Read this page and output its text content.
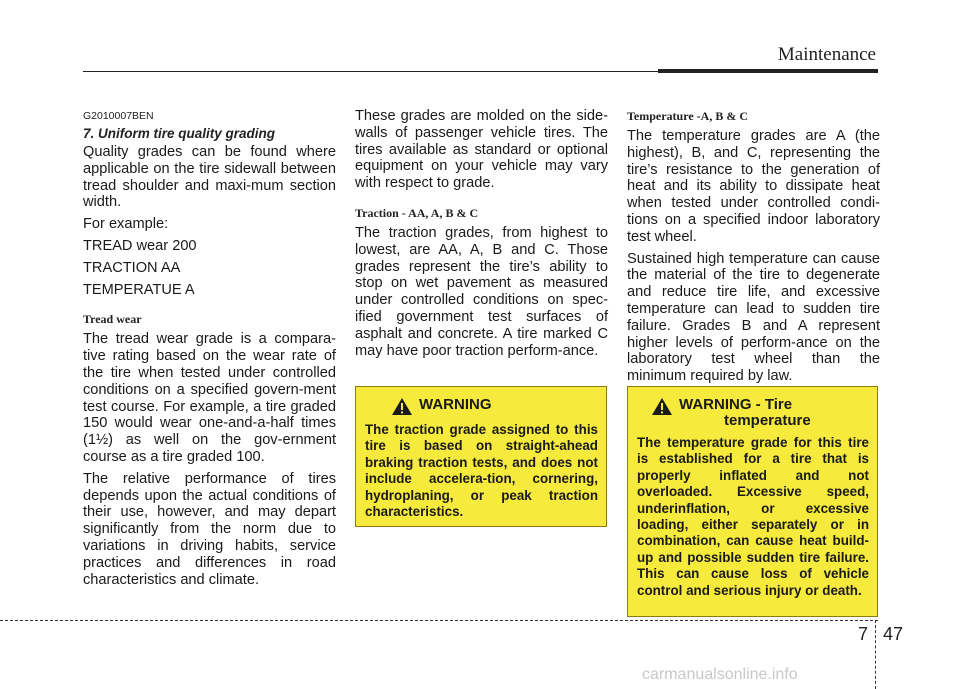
Maintenance
G2010007BEN
7. Uniform tire quality grading

Quality grades can be found where applicable on the tire sidewall between tread shoulder and maxi-mum section width.

For example:
TREAD wear 200
TRACTION AA
TEMPERATUE A
Tread wear

The tread wear grade is a compara-tive rating based on the wear rate of the tire when tested under controlled conditions on a specified govern-ment test course. For example, a tire graded 150 would wear one-and-a-half times (1½) as well on the gov-ernment course as a tire graded 100.

The relative performance of tires depends upon the actual conditions of their use, however, and may depart significantly from the norm due to variations in driving habits, service practices and differences in road characteristics and climate.

These grades are molded on the side-walls of passenger vehicle tires. The tires available as standard or optional equipment on your vehicle may vary with respect to grade.

Traction - AA, A, B & C

The traction grades, from highest to lowest, are AA, A, B and C. Those grades represent the tire’s ability to stop on wet pavement as measured under controlled conditions on spec-ified government test surfaces of asphalt and concrete. A tire marked C may have poor traction perform-ance.

Temperature -A, B & C

The temperature grades are A (the highest), B, and C, representing the tire’s resistance to the generation of heat and its ability to dissipate heat when tested under controlled condi-tions on a specified indoor laboratory test wheel.

Sustained high temperature can cause the material of the tire to degenerate and reduce tire life, and excessive temperature can lead to sudden tire failure. Grades B and A represent higher levels of perform-ance on the laboratory test wheel than the minimum required by law.

WARNING
The traction grade assigned to this tire is based on straight-ahead braking traction tests, and does not include accelera-tion, cornering, hydroplaning, or peak traction characteristics.
WARNING - Tire
temperature
The temperature grade for this tire is established for a tire that is properly inflated and not overloaded. Excessive speed, underinflation, or excessive loading, either separately or in combination, can cause heat build-up and possible sudden tire failure. This can cause loss of vehicle control and serious injury or death.
7 47
carmanualsonline.info
